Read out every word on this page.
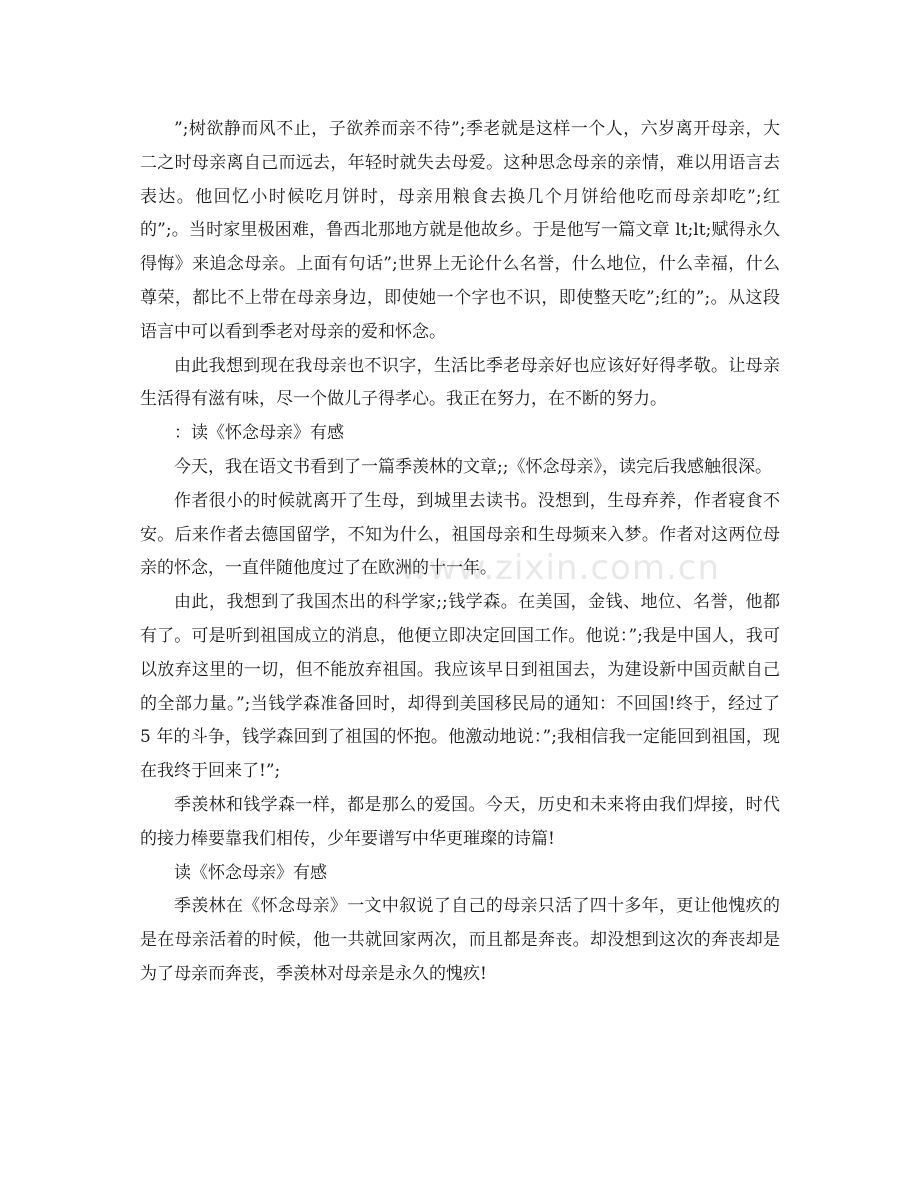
”;树欲静而风不止，子欲养而亲不待”;季老就是这样一个人，六岁离开母亲，大二之时母亲离自己而远去，年轻时就失去母爱。这种思念母亲的亲情，难以用语言去表达。他回忆小时候吃月饼时，母亲用粮食去换几个月饼给他吃而母亲却吃”;红的”;。当时家里极困难，鲁西北那地方就是他故乡。于是他写一篇文章 lt;lt;赋得永久得悔》来追念母亲。上面有句话”;世界上无论什么名誉，什么地位，什么幸福，什么尊荣，都比不上带在母亲身边，即使她一个字也不识，即使整天吃”;红的”;。从这段语言中可以看到季老对母亲的爱和怀念。

由此我想到现在我母亲也不识字，生活比季老母亲好也应该好好得孝敬。让母亲生活得有滋有味，尽一个做儿子得孝心。我正在努力，在不断的努力。

：读《怀念母亲》有感

今天，我在语文书看到了一篇季羡林的文章;;《怀念母亲》，读完后我感触很深。

作者很小的时候就离开了生母，到城里去读书。没想到，生母弃养，作者寝食不安。后来作者去德国留学，不知为什么，祖国母亲和生母频来入梦。作者对这两位母亲的怀念，一直伴随他度过了在欧洲的十一年。

由此，我想到了我国杰出的科学家;;钱学森。在美国，金钱、地位、名誉，他都有了。可是听到祖国成立的消息，他便立即决定回国工作。他说：”;我是中国人，我可以放弃这里的一切，但不能放弃祖国。我应该早日到祖国去，为建设新中国贡献自己的全部力量。”;当钱学森准备回时，却得到美国移民局的通知：不回国!终于，经过了 5 年的斗争，钱学森回到了祖国的怀抱。他激动地说：”;我相信我一定能回到祖国，现在我终于回来了!”;

季羡林和钱学森一样，都是那么的爱国。今天，历史和未来将由我们焊接，时代的接力棒要靠我们相传，少年要谱写中华更璀璨的诗篇!

读《怀念母亲》有感

季羡林在《怀念母亲》一文中叙说了自己的母亲只活了四十多年，更让他愧疚的是在母亲活着的时候，他一共就回家两次，而且都是奔丧。却没想到这次的奔丧却是为了母亲而奔丧，季羡林对母亲是永久的愧疚!

www.zixin.com.cn
